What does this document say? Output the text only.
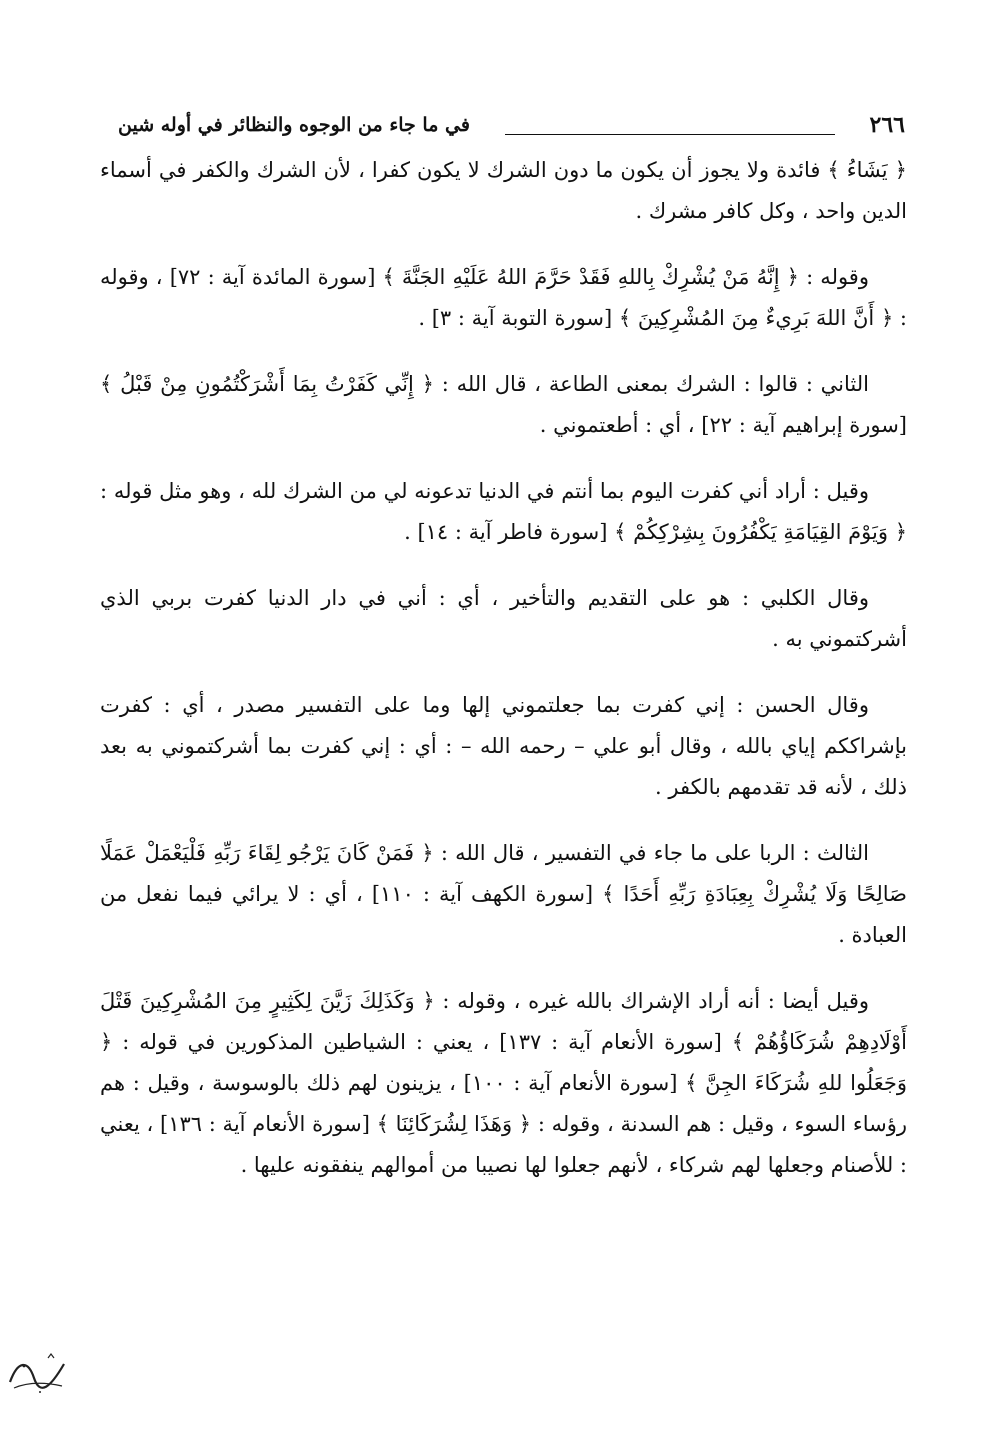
٢٦٦
في ما جاء من الوجوه والنظائر في أوله شين

﴿ يَشَاءُ ﴾ فائدة ولا يجوز أن يكون ما دون الشرك لا يكون كفرا ، لأن الشرك والكفر في أسماء الدين واحد ، وكل كافر مشرك .

وقوله : ﴿ إِنَّهُ مَنْ يُشْرِكْ بِاللهِ فَقَدْ حَرَّمَ اللهُ عَلَيْهِ الجَنَّةَ ﴾ [سورة المائدة آية : ٧٢] ، وقوله : ﴿ أَنَّ اللهَ بَرِيءٌ مِنَ المُشْرِكِينَ ﴾ [سورة التوبة آية : ٣] .

الثاني : قالوا : الشرك بمعنى الطاعة ، قال الله : ﴿ إِنِّي كَفَرْتُ بِمَا أَشْرَكْتُمُونِ مِنْ قَبْلُ ﴾ [سورة إبراهيم آية : ٢٢] ، أي : أطعتموني .

وقيل : أراد أني كفرت اليوم بما أنتم في الدنيا تدعونه لي من الشرك لله ، وهو مثل قوله : ﴿ وَيَوْمَ القِيَامَةِ يَكْفُرُونَ بِشِرْكِكُمْ ﴾ [سورة فاطر آية : ١٤] .

وقال الكلبي : هو على التقديم والتأخير ، أي : أني في دار الدنيا كفرت بربي الذي أشركتموني به .

وقال الحسن : إني كفرت بما جعلتموني إلها وما على التفسير مصدر ، أي : كفرت بإشراككم إياي بالله ، وقال أبو علي – رحمه الله – : أي : إني كفرت بما أشركتموني به بعد ذلك ، لأنه قد تقدمهم بالكفر .

الثالث : الربا على ما جاء في التفسير ، قال الله : ﴿ فَمَنْ كَانَ يَرْجُو لِقَاءَ رَبِّهِ فَلْيَعْمَلْ عَمَلًا صَالِحًا وَلَا يُشْرِكْ بِعِبَادَةِ رَبِّهِ أَحَدًا ﴾ [سورة الكهف آية : ١١٠] ، أي : لا يرائي فيما نفعل من العبادة .

وقيل أيضا : أنه أراد الإشراك بالله غيره ، وقوله : ﴿ وَكَذَلِكَ زَيَّنَ لِكَثِيرٍ مِنَ المُشْرِكِينَ قَتْلَ أَوْلَادِهِمْ شُرَكَاؤُهُمْ ﴾ [سورة الأنعام آية : ١٣٧] ، يعني : الشياطين المذكورين في قوله : ﴿ وَجَعَلُوا للهِ شُرَكَاءَ الجِنَّ ﴾ [سورة الأنعام آية : ١٠٠] ، يزينون لهم ذلك بالوسوسة ، وقيل : هم رؤساء السوء ، وقيل : هم السدنة ، وقوله : ﴿ وَهَذَا لِشُرَكَائِنَا ﴾ [سورة الأنعام آية : ١٣٦] ، يعني : للأصنام وجعلها لهم شركاء ، لأنهم جعلوا لها نصيبا من أموالهم ينفقونه عليها .
